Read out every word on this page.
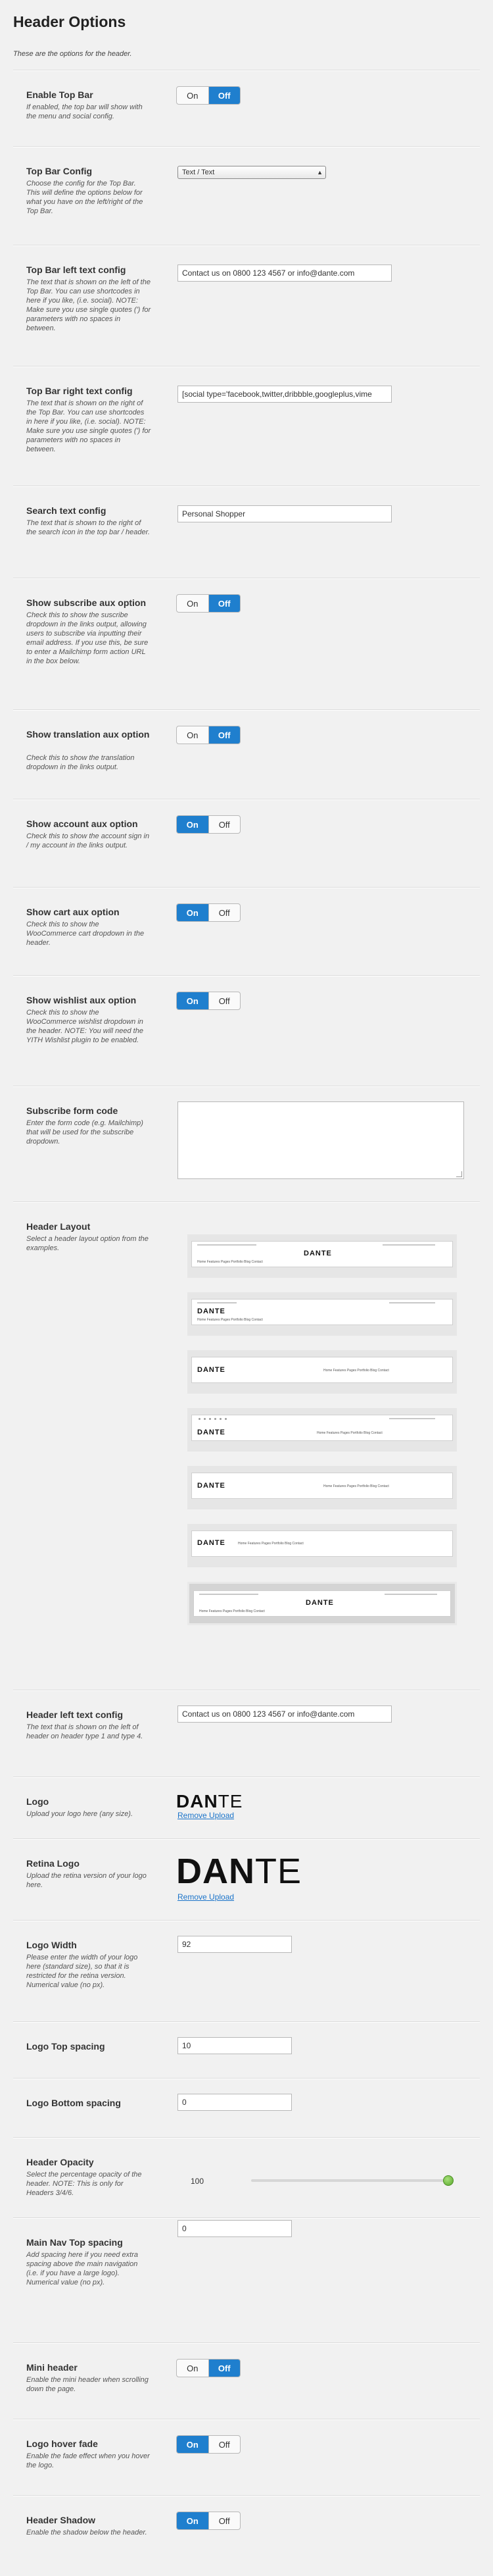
Header Options
These are the options for the header.
Enable Top Bar
If enabled, the top bar will show with the menu and social config.
On	Off
Top Bar Config
Choose the config for the Top Bar. This will define the options below for what you have on the left/right of the Top Bar.
Text / Text	▲

Top Bar left text config
The text that is shown on the left of the Top Bar. You can use shortcodes in here if you like, (i.e. social). NOTE: Make sure you use single quotes (') for parameters with no spaces in between.
Contact us on 0800 123 4567 or info@dante.com
Top Bar right text config
The text that is shown on the right of the Top Bar. You can use shortcodes in here if you like, (i.e. social). NOTE: Make sure you use single quotes (') for parameters with no spaces in between.
[social type='facebook,twitter,dribbble,googleplus,vime
Search text config
The text that is shown to the right of the search icon in the top bar / header.
Personal Shopper
Show subscribe aux option
Check this to show the suscribe dropdown in the links output, allowing users to subscribe via inputting their email address. If you use this, be sure to enter a Mailchimp form action URL in the box below.
On	Off
Show translation aux option
Check this to show the translation dropdown in the links output.
On	Off
Show account aux option
Check this to show the account sign in / my account in the links output.
On	Off
Show cart aux option
Check this to show the WooCommerce cart dropdown in the header.
On	Off
Show wishlist aux option
Check this to show the WooCommerce wishlist dropdown in the header. NOTE: You will need the YITH Wishlist plugin to be enabled.
On	Off
Subscribe form code
Enter the form code (e.g. Mailchimp) that will be used for the subscribe dropdown.
Header Layout
Select a header layout option from the examples.
DANTE
Home Features Pages Portfolio Blog Contact
DANTE
Home Features Pages Portfolio Blog Contact
DANTE	Home Features Pages Portfolio Blog Contact
DANTE	Home Features Pages Portfolio Blog Contact
DANTE	Home Features Pages Portfolio Blog Contact
DANTE	Home Features Pages Portfolio Blog Contact
DANTE
Home Features Pages Portfolio Blog Contact
Header left text config
The text that is shown on the left of header on header type 1 and type 4.
Contact us on 0800 123 4567 or info@dante.com
Logo
Upload your logo here (any size).
DANTE
Remove Upload
Retina Logo
Upload the retina version of your logo here.	DANTE
Remove Upload
Logo Width
Please enter the width of your logo here (standard size), so that it is restricted for the retina version. Numerical value (no px).
92
Logo Top spacing	10
Logo Bottom spacing	0
Header Opacity
Select the percentage opacity of the header. NOTE: This is only for Headers 3/4/6.
100
Main Nav Top spacing
Add spacing here if you need extra spacing above the main navigation (i.e. if you have a large logo). Numerical value (no px).
0
Mini header
Enable the mini header when scrolling down the page.
On	Off
Logo hover fade
Enable the fade effect when you hover the logo.
On	Off
Header Shadow
Enable the shadow below the header.
On	Off
